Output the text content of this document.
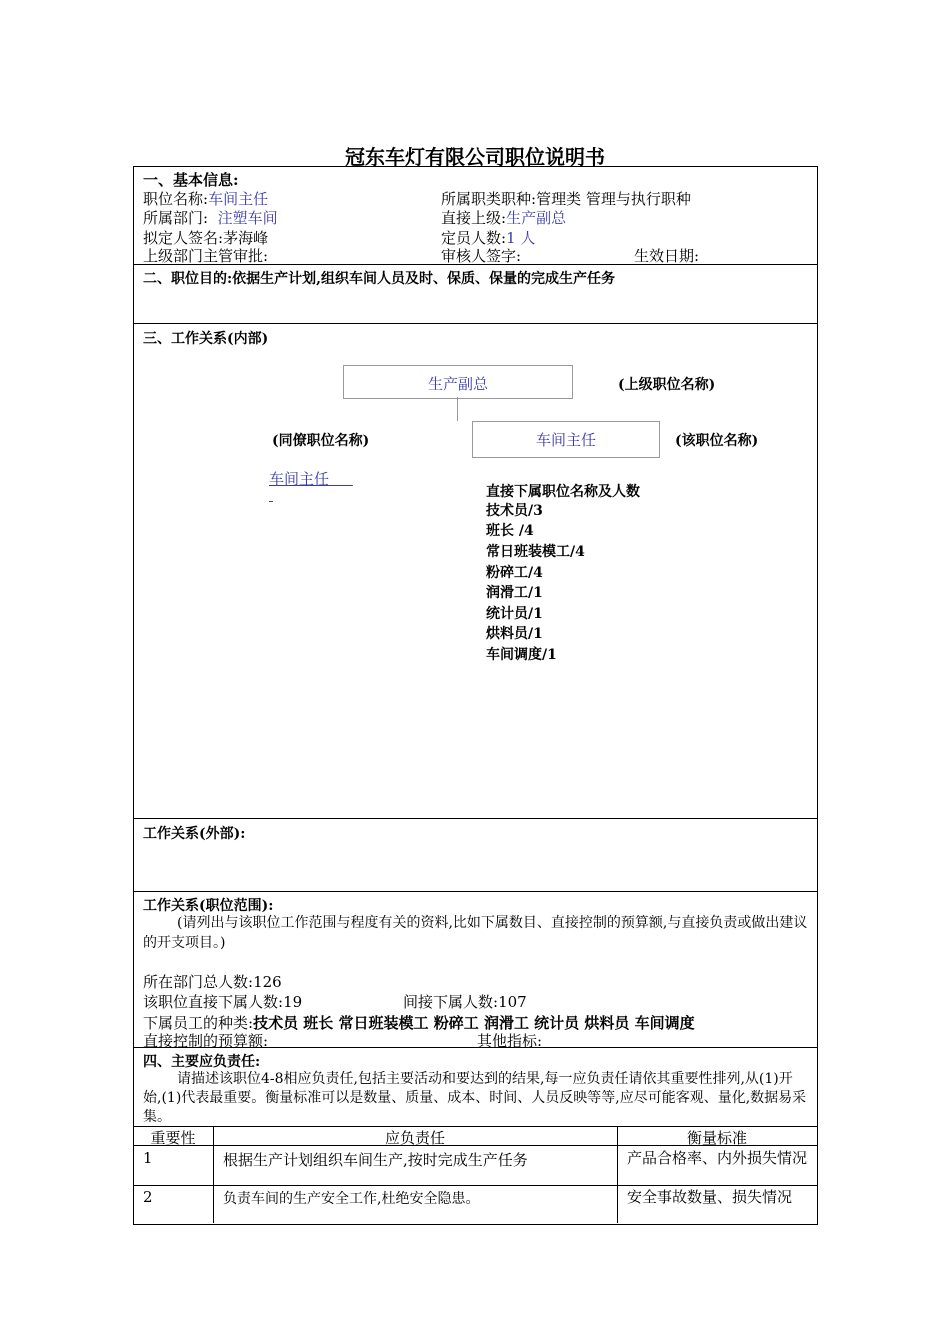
冠东车灯有限公司职位说明书
一、基本信息:
职位名称:车间主任	所属职类职种:管理类 管理与执行职种
所属部门: 注塑车间	直接上级:生产副总
拟定人签名:茅海峰	定员人数:1 人
上级部门主管审批:	审核人签字:	生效日期:
二、职位目的:依据生产计划,组织车间人员及时、保质、保量的完成生产任务
三、工作关系(内部)
生产副总	(上级职位名称)
车间主任	(该职位名称)
(同僚职位名称)
车间主任
直接下属职位名称及人数
技术员/3
班长 /4
常日班装模工/4
粉碎工/4
润滑工/1
统计员/1
烘料员/1
车间调度/1
工作关系(外部):
工作关系(职位范围):
(请列出与该职位工作范围与程度有关的资料,比如下属数目、直接控制的预算额,与直接负责或做出建议的开支项目。)
所在部门总人数:126
该职位直接下属人数:19	间接下属人数:107
下属员工的种类:技术员 班长 常日班装模工 粉碎工 润滑工 统计员 烘料员 车间调度
直接控制的预算额:	其他指标:
四、主要应负责任:
请描述该职位4-8相应负责任,包括主要活动和要达到的结果,每一应负责任请依其重要性排列,从(1)开始,(1)代表最重要。衡量标准可以是数量、质量、成本、时间、人员反映等等,应尽可能客观、量化,数据易采集。
重要性	应负责任	衡量标准
1	根据生产计划组织车间生产,按时完成生产任务	产品合格率、内外损失情况
2	负责车间的生产安全工作,杜绝安全隐患。	安全事故数量、损失情况
